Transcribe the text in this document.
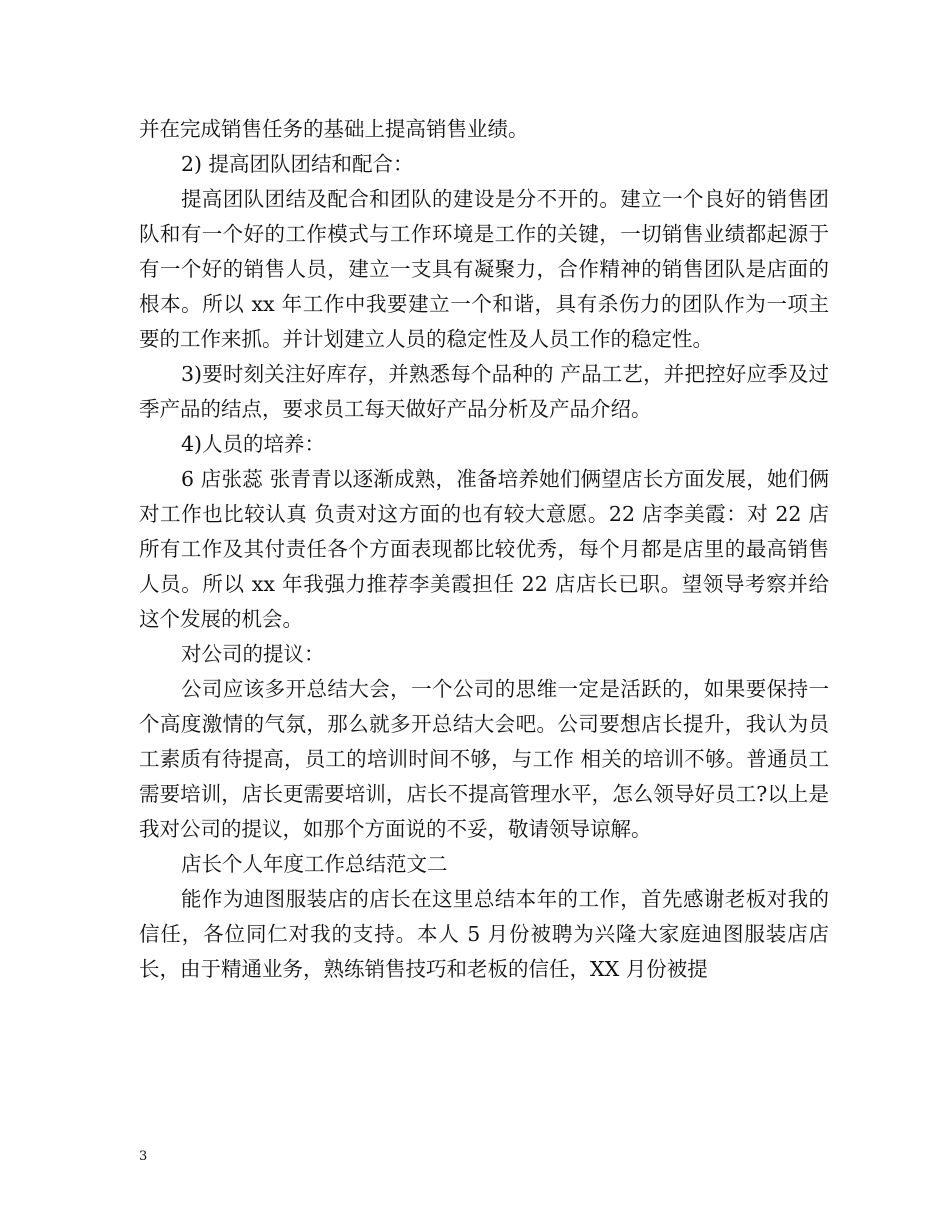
并在完成销售任务的基础上提高销售业绩。

2) 提高团队团结和配合：

提高团队团结及配合和团队的建设是分不开的。建立一个良好的销售团队和有一个好的工作模式与工作环境是工作的关键，一切销售业绩都起源于有一个好的销售人员，建立一支具有凝聚力，合作精神的销售团队是店面的根本。所以 xx 年工作中我要建立一个和谐，具有杀伤力的团队作为一项主要的工作来抓。并计划建立人员的稳定性及人员工作的稳定性。

3)要时刻关注好库存，并熟悉每个品种的 产品工艺，并把控好应季及过季产品的结点，要求员工每天做好产品分析及产品介绍。

4)人员的培养：

6 店张蕊 张青青以逐渐成熟，准备培养她们俩望店长方面发展，她们俩对工作也比较认真 负责对这方面的也有较大意愿。22 店李美霞：对 22 店所有工作及其付责任各个方面表现都比较优秀，每个月都是店里的最高销售人员。所以 xx 年我强力推荐李美霞担任 22 店店长已职。望领导考察并给这个发展的机会。

对公司的提议：

公司应该多开总结大会，一个公司的思维一定是活跃的，如果要保持一个高度激情的气氛，那么就多开总结大会吧。公司要想店长提升，我认为员工素质有待提高，员工的培训时间不够，与工作 相关的培训不够。普通员工需要培训，店长更需要培训，店长不提高管理水平，怎么领导好员工?以上是我对公司的提议，如那个方面说的不妥，敬请领导谅解。

店长个人年度工作总结范文二

能作为迪图服装店的店长在这里总结本年的工作，首先感谢老板对我的信任，各位同仁对我的支持。本人 5 月份被聘为兴隆大家庭迪图服装店店长，由于精通业务，熟练销售技巧和老板的信任，XX 月份被提

3
